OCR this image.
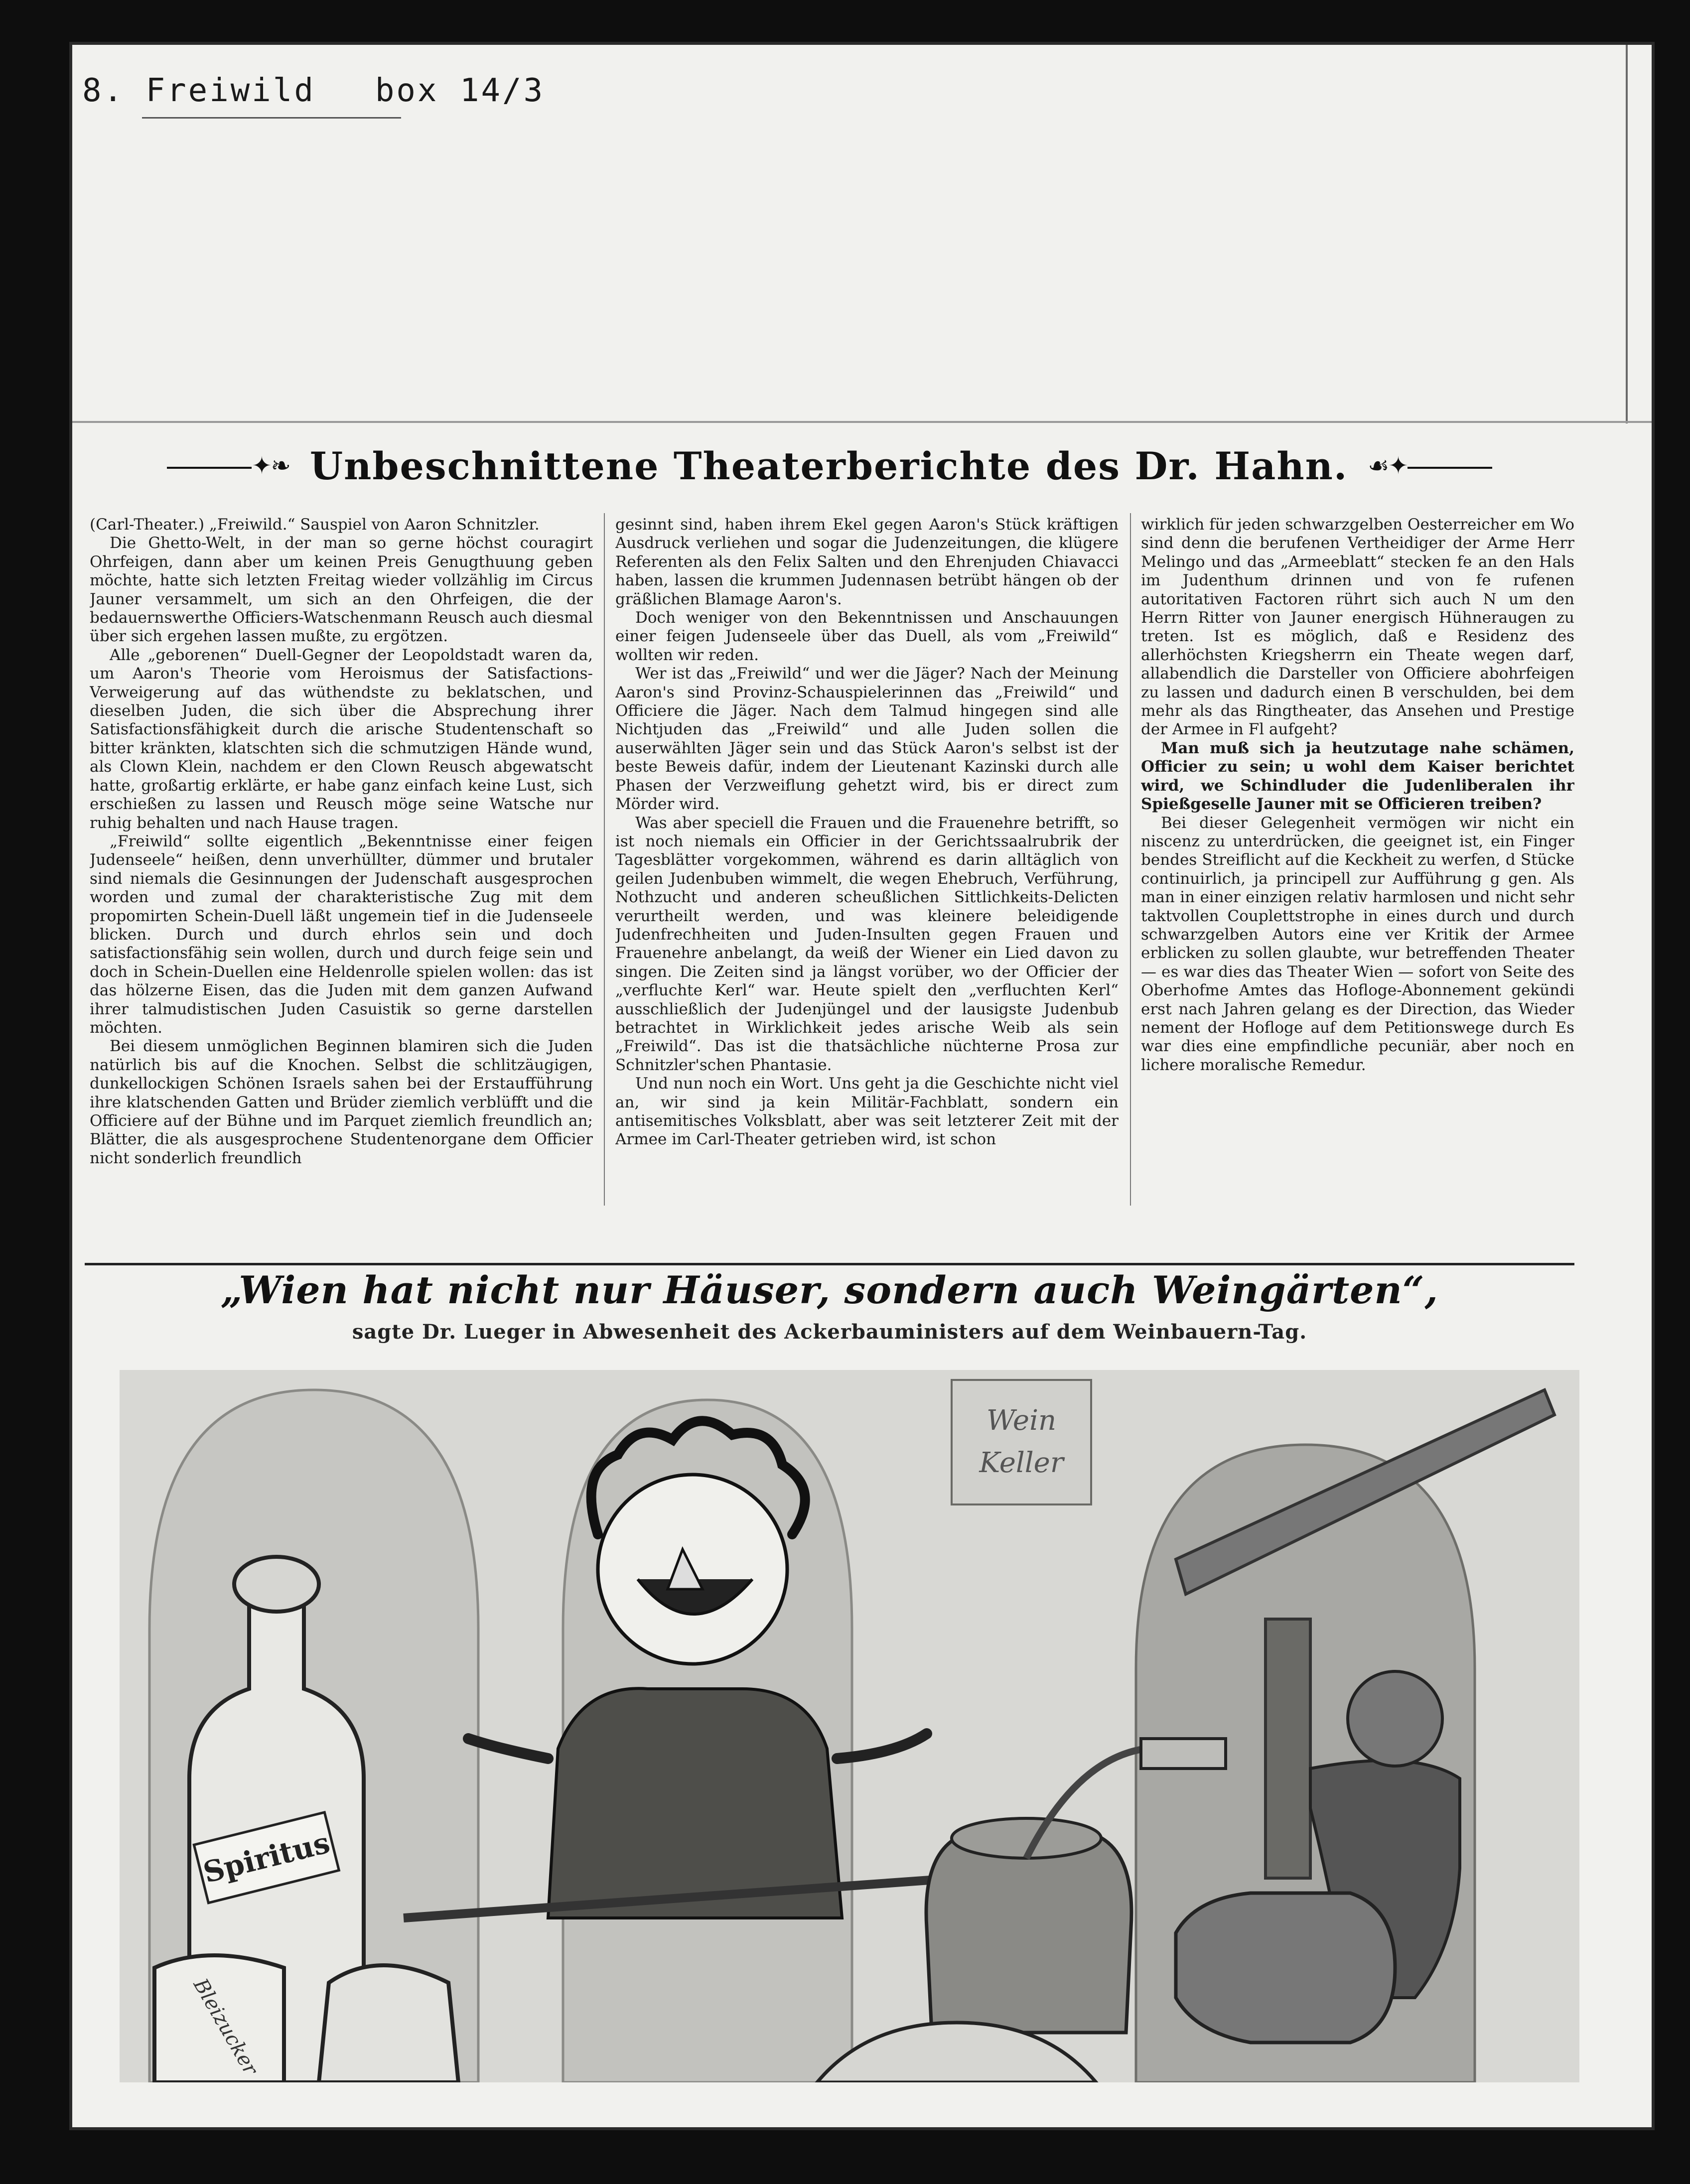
8. Freiwild box 14/3
✦❧ Unbeschnittene Theaterberichte des Dr. Hahn. ☙✦

(Carl-Theater.) „Freiwild.“ Sauspiel von Aaron Schnitzler.

Die Ghetto-Welt, in der man so gerne höchst couragirt Ohrfeigen, dann aber um keinen Preis Genugthuung geben möchte, hatte sich letzten Freitag wieder vollzählig im Circus Jauner versammelt, um sich an den Ohrfeigen, die der bedauernswerthe Officiers-Watschenmann Reusch auch diesmal über sich ergehen lassen mußte, zu ergötzen.

Alle „geborenen“ Duell-Gegner der Leopoldstadt waren da, um Aaron's Theorie vom Heroismus der Satisfactions-Verweigerung auf das wüthendste zu beklatschen, und dieselben Juden, die sich über die Absprechung ihrer Satisfactionsfähigkeit durch die arische Studentenschaft so bitter kränkten, klatschten sich die schmutzigen Hände wund, als Clown Klein, nachdem er den Clown Reusch abgewatscht hatte, großartig erklärte, er habe ganz einfach keine Lust, sich erschießen zu lassen und Reusch möge seine Watsche nur ruhig behalten und nach Hause tragen.

„Freiwild“ sollte eigentlich „Bekenntnisse einer feigen Judenseele“ heißen, denn unverhüllter, dümmer und brutaler sind niemals die Gesinnungen der Judenschaft ausgesprochen worden und zumal der charakteristische Zug mit dem propomirten Schein-Duell läßt ungemein tief in die Judenseele blicken. Durch und durch ehrlos sein und doch satisfactionsfähig sein wollen, durch und durch feige sein und doch in Schein-Duellen eine Heldenrolle spielen wollen: das ist das hölzerne Eisen, das die Juden mit dem ganzen Aufwand ihrer talmudistischen Juden Casuistik so gerne darstellen möchten.

Bei diesem unmöglichen Beginnen blamiren sich die Juden natürlich bis auf die Knochen. Selbst die schlitzäugigen, dunkellockigen Schönen Israels sahen bei der Erstaufführung ihre klatschenden Gatten und Brüder ziemlich verblüfft und die Officiere auf der Bühne und im Parquet ziemlich freundlich an; Blätter, die als ausgesprochene Studentenorgane dem Officier nicht sonderlich freundlich

gesinnt sind, haben ihrem Ekel gegen Aaron's Stück kräftigen Ausdruck verliehen und sogar die Judenzeitungen, die klügere Referenten als den Felix Salten und den Ehrenjuden Chiavacci haben, lassen die krummen Judennasen betrübt hängen ob der gräßlichen Blamage Aaron's.

Doch weniger von den Bekenntnissen und Anschauungen einer feigen Judenseele über das Duell, als vom „Freiwild“ wollten wir reden.

Wer ist das „Freiwild“ und wer die Jäger? Nach der Meinung Aaron's sind Provinz-Schauspielerinnen das „Freiwild“ und Officiere die Jäger. Nach dem Talmud hingegen sind alle Nichtjuden das „Freiwild“ und alle Juden sollen die auserwählten Jäger sein und das Stück Aaron's selbst ist der beste Beweis dafür, indem der Lieutenant Kazinski durch alle Phasen der Verzweiflung gehetzt wird, bis er direct zum Mörder wird.

Was aber speciell die Frauen und die Frauenehre betrifft, so ist noch niemals ein Officier in der Gerichtssaalrubrik der Tagesblätter vorgekommen, während es darin alltäglich von geilen Judenbuben wimmelt, die wegen Ehebruch, Verführung, Nothzucht und anderen scheußlichen Sittlichkeits-Delicten verurtheilt werden, und was kleinere beleidigende Judenfrechheiten und Juden-Insulten gegen Frauen und Frauenehre anbelangt, da weiß der Wiener ein Lied davon zu singen. Die Zeiten sind ja längst vorüber, wo der Officier der „verfluchte Kerl“ war. Heute spielt den „verfluchten Kerl“ ausschließlich der Judenjüngel und der lausigste Judenbub betrachtet in Wirklichkeit jedes arische Weib als sein „Freiwild“. Das ist die thatsächliche nüchterne Prosa zur Schnitzler'schen Phantasie.

Und nun noch ein Wort. Uns geht ja die Geschichte nicht viel an, wir sind ja kein Militär-Fachblatt, sondern ein antisemitisches Volksblatt, aber was seit letzterer Zeit mit der Armee im Carl-Theater getrieben wird, ist schon

wirklich für jeden schwarzgelben Oesterreicher em Wo sind denn die berufenen Vertheidiger der Arme Herr Melingo und das „Armeeblatt“ stecken fe an den Hals im Judenthum drinnen und von fe rufenen autoritativen Factoren rührt sich auch N um den Herrn Ritter von Jauner energisch Hühneraugen zu treten. Ist es möglich, daß e Residenz des allerhöchsten Kriegsherrn ein Theate wegen darf, allabendlich die Darsteller von Officiere abohrfeigen zu lassen und dadurch einen B verschulden, bei dem mehr als das Ringtheater, das Ansehen und Prestige der Armee in Fl aufgeht?

Man muß sich ja heutzutage nahe schämen, Officier zu sein; u wohl dem Kaiser berichtet wird, we Schindluder die Judenliberalen ihr Spießgeselle Jauner mit se Officieren treiben?

Bei dieser Gelegenheit vermögen wir nicht ein niscenz zu unterdrücken, die geeignet ist, ein Finger bendes Streiflicht auf die Keckheit zu werfen, d Stücke continuirlich, ja principell zur Aufführung g gen. Als man in einer einzigen relativ harmlosen und nicht sehr taktvollen Couplettstrophe in eines durch und durch schwarzgelben Autors eine ver Kritik der Armee erblicken zu sollen glaubte, wur betreffenden Theater — es war dies das Theater Wien — sofort von Seite des Oberhofme Amtes das Hofloge-Abonnement gekündi erst nach Jahren gelang es der Direction, das Wieder nement der Hofloge auf dem Petitionswege durch Es war dies eine empfindliche pecuniär, aber noch en lichere moralische Remedur.

„Wien hat nicht nur Häuser, sondern auch Weingärten“,
sagte Dr. Lueger in Abwesenheit des Ackerbauministers auf dem Weinbauern-Tag.
Wein
Keller
Spiritus
Bleizucker
